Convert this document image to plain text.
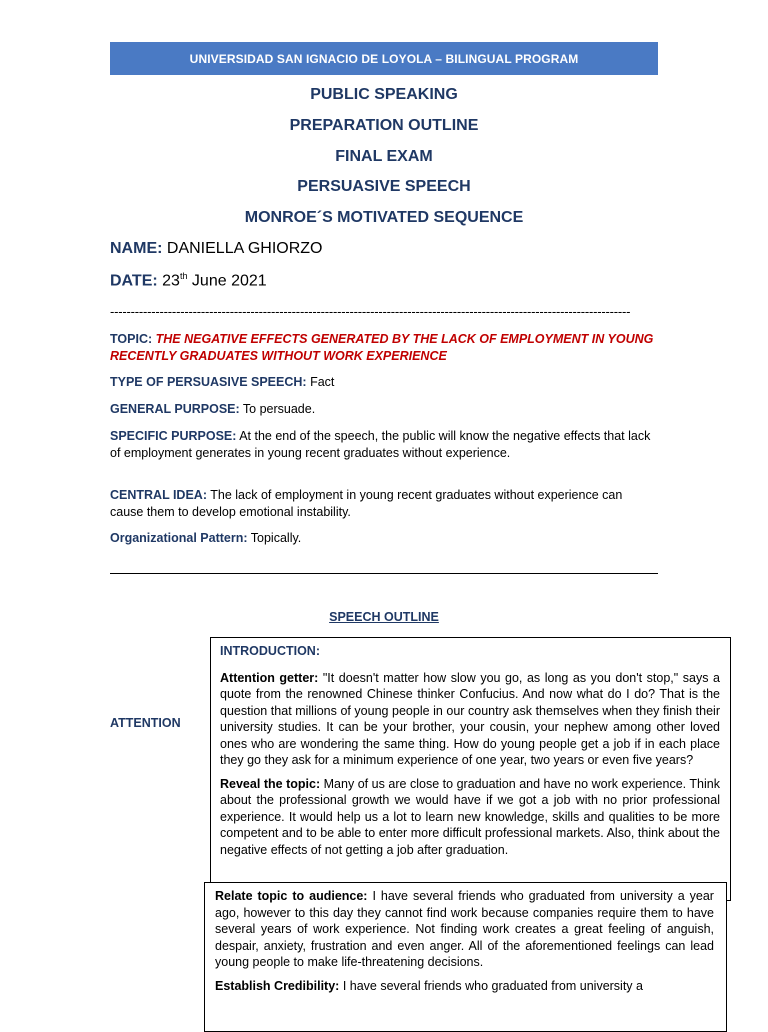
UNIVERSIDAD SAN IGNACIO DE LOYOLA – BILINGUAL PROGRAM
PUBLIC SPEAKING
PREPARATION OUTLINE
FINAL EXAM
PERSUASIVE SPEECH
MONROE´S MOTIVATED SEQUENCE
NAME: DANIELLA GHIORZO
DATE: 23th June 2021
------------------------------------------------------------------------------------------------------------------------------
TOPIC: THE NEGATIVE EFFECTS GENERATED BY THE LACK OF EMPLOYMENT IN YOUNG RECENTLY GRADUATES WITHOUT WORK EXPERIENCE
TYPE OF PERSUASIVE SPEECH: Fact
GENERAL PURPOSE: To persuade.
SPECIFIC PURPOSE: At the end of the speech, the public will know the negative effects that lack of employment generates in young recent graduates without experience.
CENTRAL IDEA: The lack of employment in young recent graduates without experience can cause them to develop emotional instability.
Organizational Pattern: Topically.
SPEECH OUTLINE
ATTENTION

INTRODUCTION:

Attention getter: "It doesn't matter how slow you go, as long as you don't stop," says a quote from the renowned Chinese thinker Confucius. And now what do I do? That is the question that millions of young people in our country ask themselves when they finish their university studies. It can be your brother, your cousin, your nephew among other loved ones who are wondering the same thing. How do young people get a job if in each place they go they ask for a minimum experience of one year, two years or even five years?

Reveal the topic: Many of us are close to graduation and have no work experience. Think about the professional growth we would have if we got a job with no prior professional experience. It would help us a lot to learn new knowledge, skills and qualities to be more competent and to be able to enter more difficult professional markets. Also, think about the negative effects of not getting a job after graduation.

Relate topic to audience: I have several friends who graduated from university a year ago, however to this day they cannot find work because companies require them to have several years of work experience. Not finding work creates a great feeling of anguish, despair, anxiety, frustration and even anger. All of the aforementioned feelings can lead young people to make life-threatening decisions.

Establish Credibility: I have several friends who graduated from university a
